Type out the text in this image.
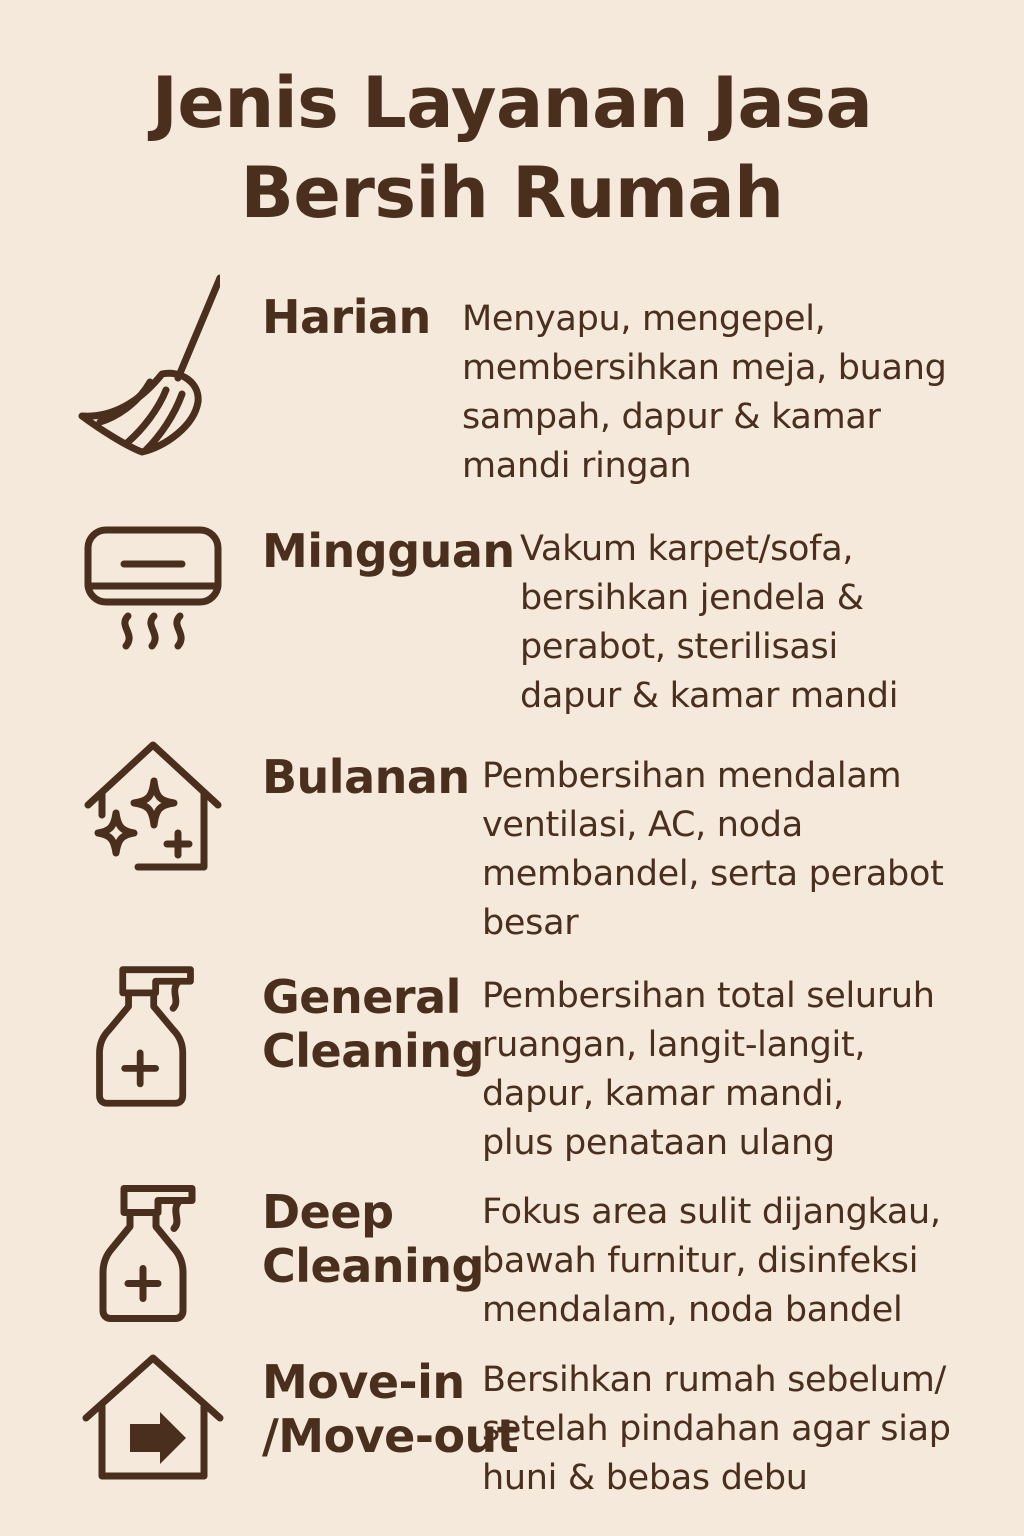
Jenis Layanan Jasa
Bersih Rumah
Harian Menyapu, mengepel,
membersihkan meja, buang
sampah, dapur & kamar
mandi ringan
Mingguan Vakum karpet/sofa,
bersihkan jendela &
perabot, sterilisasi
dapur & kamar mandi
Bulanan Pembersihan mendalam
ventilasi, AC, noda
membandel, serta perabot
besar
General
Cleaning
Pembersihan total seluruh
ruangan, langit-langit,
dapur, kamar mandi,
plus penataan ulang
Deep
Cleaning
Fokus area sulit dijangkau,
bawah furnitur, disinfeksi
mendalam, noda bandel
Move-in
/Move-out
Bersihkan rumah sebelum/
setelah pindahan agar siap
huni & bebas debu
